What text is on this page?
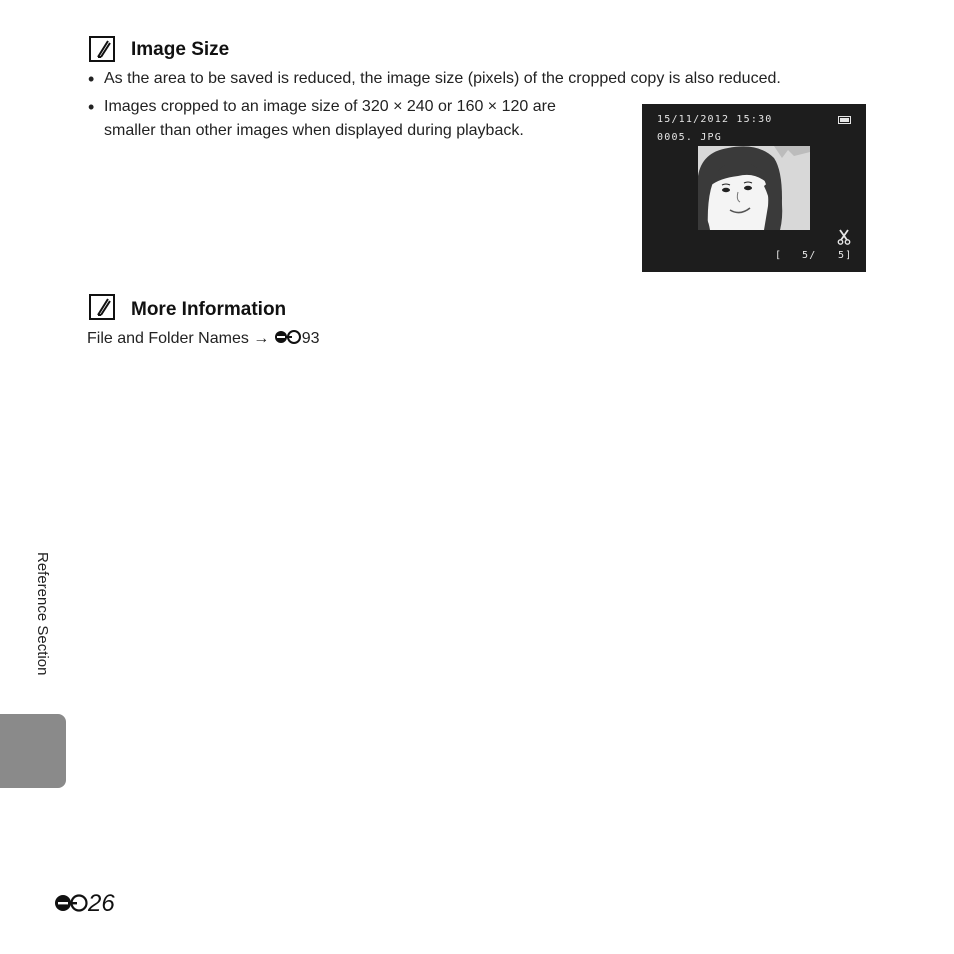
Image Size
• As the area to be saved is reduced, the image size (pixels) of the cropped copy is also reduced.
• Images cropped to an image size of 320 × 240 or 160 × 120 are
smaller than other images when displayed during playback.
15/11/2012 15:30
0005. JPG
[ 5/ 5]
More Information
File and Folder Names → 93
Reference Section
26
